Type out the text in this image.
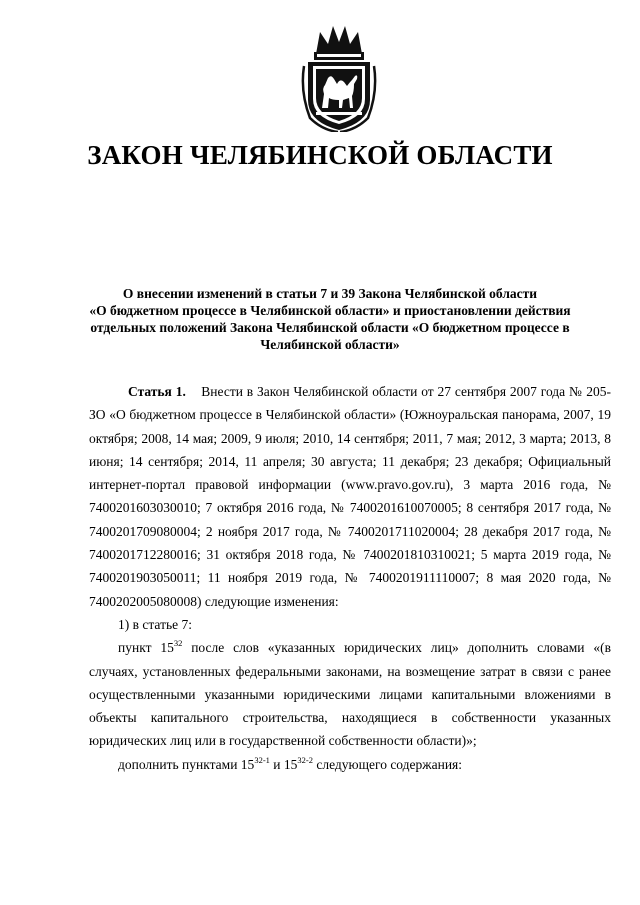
ЗАКОН ЧЕЛЯБИНСКОЙ ОБЛАСТИ
О внесении изменений в статьи 7 и 39 Закона Челябинской области
«О бюджетном процессе в Челябинской области» и приостановлении действия
отдельных положений Закона Челябинской области «О бюджетном процессе в
Челябинской области»

Статья 1. Внести в Закон Челябинской области от 27 сентября 2007 года № 205-ЗО «О бюджетном процессе в Челябинской области» (Южноуральская панорама, 2007, 19 октября; 2008, 14 мая; 2009, 9 июля; 2010, 14 сентября; 2011, 7 мая; 2012, 3 марта; 2013, 8 июня; 14 сентября; 2014, 11 апреля; 30 августа; 11 декабря; 23 декабря; Официальный интернет-портал правовой информации (www.pravo.gov.ru), 3 марта 2016 года, № 7400201603030010; 7 октября 2016 года, № 7400201610070005; 8 сентября 2017 года, № 7400201709080004; 2 ноября 2017 года, № 7400201711020004; 28 декабря 2017 года, № 7400201712280016; 31 октября 2018 года, № 7400201810310021; 5 марта 2019 года, № 7400201903050011; 11 ноября 2019 года, № 7400201911110007; 8 мая 2020 года, № 7400202005080008) следующие изменения:

1) в статье 7:

пункт $15^{32}$ после слов «указанных юридических лиц» дополнить словами «(в случаях, установленных федеральными законами, на возмещение затрат в связи с ранее осуществленными указанными юридическими лицами капитальными вложениями в объекты капитального строительства, находящиеся в собственности указанных юридических лиц или в государственной собственности области)»;

дополнить пунктами 15$^{32-1}$ и 15$^{32-2}$ следующего содержания:
